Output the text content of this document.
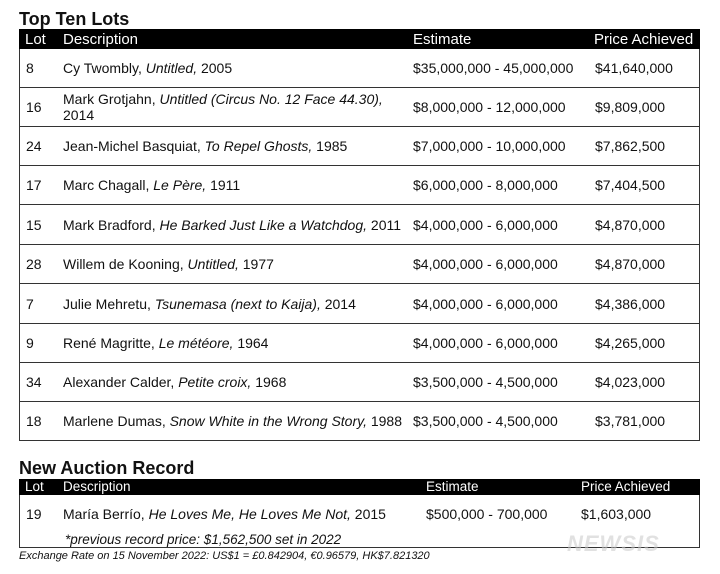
Top Ten Lots
Lot Description	Estimate	Price Achieved
8	Cy Twombly, Untitled, 2005	$35,000,000 - 45,000,000	$41,640,000
16	Mark Grotjahn, Untitled (Circus No. 12 Face 44.30), 2014	$8,000,000 - 12,000,000	$9,809,000
24	Jean-Michel Basquiat, To Repel Ghosts, 1985	$7,000,000 - 10,000,000	$7,862,500
17	Marc Chagall, Le Père, 1911	$6,000,000 - 8,000,000	$7,404,500
15	Mark Bradford, He Barked Just Like a Watchdog, 2011 $4,000,000 - 6,000,000	$4,870,000
28	Willem de Kooning, Untitled, 1977	$4,000,000 - 6,000,000	$4,870,000
7	Julie Mehretu, Tsunemasa (next to Kaija), 2014	$4,000,000 - 6,000,000	$4,386,000
9	René Magritte, Le météore, 1964	$4,000,000 - 6,000,000	$4,265,000
34	Alexander Calder, Petite croix, 1968	$3,500,000 - 4,500,000	$4,023,000
18	Marlene Dumas, Snow White in the Wrong Story, 1988 $3,500,000 - 4,500,000	$3,781,000
New Auction Record
Lot Description	Estimate	Price Achieved
19	María Berrío, He Loves Me, He Loves Me Not, 2015	$500,000 - 700,000	$1,603,000
*previous record price: $1,562,500 set in 2022
Exchange Rate on 15 November 2022: US$1 = £0.842904, €0.96579, HK$7.821320	NEWSIS
